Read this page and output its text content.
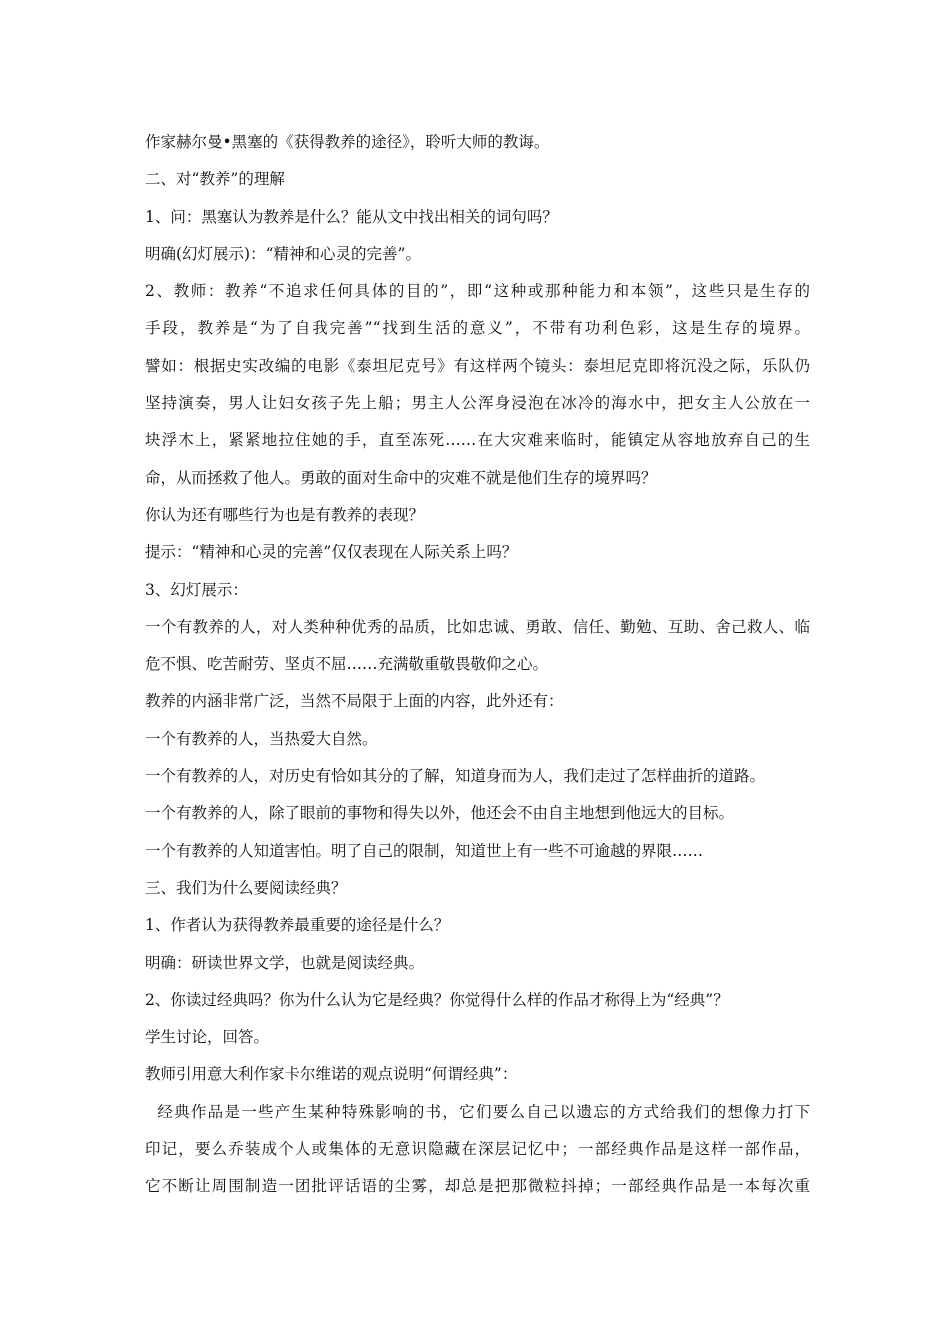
作家赫尔曼•黑塞的《获得教养的途径》，聆听大师的教诲。
二、对“教养”的理解
1、问：黑塞认为教养是什么？能从文中找出相关的词句吗？
明确(幻灯展示)：“精神和心灵的完善”。
2、教师：教养“不追求任何具体的目的”，即“这种或那种能力和本领”，这些只是生存的
手段，教养是“为了自我完善”“找到生活的意义”，不带有功利色彩，这是生存的境界。
譬如：根据史实改编的电影《泰坦尼克号》有这样两个镜头：泰坦尼克即将沉没之际，乐队仍
坚持演奏，男人让妇女孩子先上船；男主人公浑身浸泡在冰冷的海水中，把女主人公放在一
块浮木上，紧紧地拉住她的手，直至冻死……在大灾难来临时，能镇定从容地放弃自己的生
命，从而拯救了他人。勇敢的面对生命中的灾难不就是他们生存的境界吗？
你认为还有哪些行为也是有教养的表现？
提示：“精神和心灵的完善”仅仅表现在人际关系上吗？
3、幻灯展示：
一个有教养的人，对人类种种优秀的品质，比如忠诚、勇敢、信任、勤勉、互助、舍己救人、临
危不惧、吃苦耐劳、坚贞不屈……充满敬重敬畏敬仰之心。
教养的内涵非常广泛，当然不局限于上面的内容，此外还有：
一个有教养的人，当热爱大自然。
一个有教养的人，对历史有恰如其分的了解，知道身而为人，我们走过了怎样曲折的道路。
一个有教养的人，除了眼前的事物和得失以外，他还会不由自主地想到他远大的目标。
一个有教养的人知道害怕。明了自己的限制，知道世上有一些不可逾越的界限……
三、我们为什么要阅读经典？
1、作者认为获得教养最重要的途径是什么？
明确：研读世界文学，也就是阅读经典。
2、你读过经典吗？你为什么认为它是经典？你觉得什么样的作品才称得上为“经典”？
学生讨论，回答。
教师引用意大利作家卡尔维诺的观点说明“何谓经典”：
经典作品是一些产生某种特殊影响的书，它们要么自己以遗忘的方式给我们的想像力打下
印记，要么乔装成个人或集体的无意识隐藏在深层记忆中；一部经典作品是这样一部作品，
它不断让周围制造一团批评话语的尘雾，却总是把那微粒抖掉；一部经典作品是一本每次重
